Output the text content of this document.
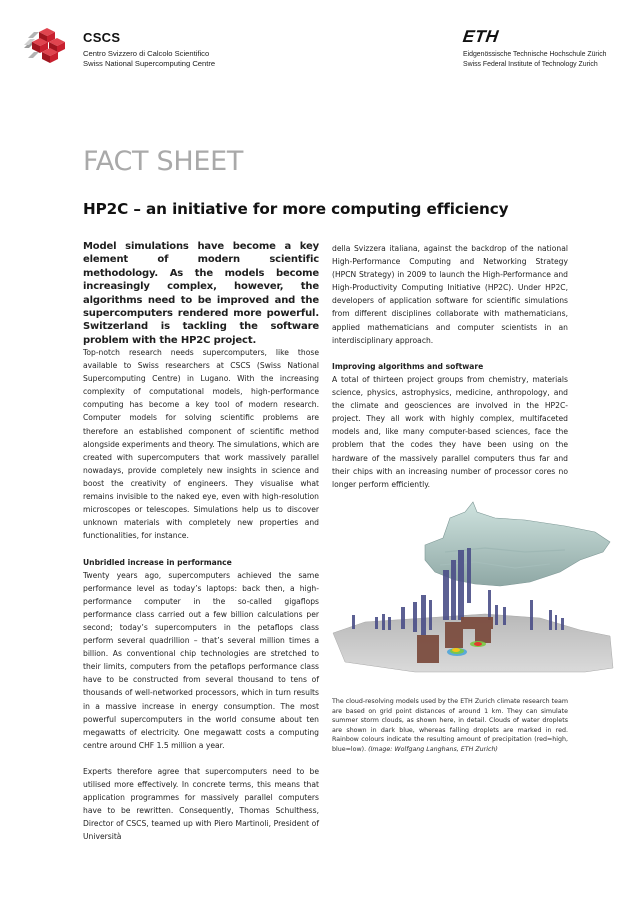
CSCS
Centro Svizzero di Calcolo Scientifico
Swiss National Supercomputing Centre
ETH
Eidgenössische Technische Hochschule Zürich
Swiss Federal Institute of Technology Zurich
FACT SHEET
HP2C – an initiative for more computing efficiency
Model simulations have become a key element of modern scientific methodology. As the models become increasingly complex, however, the algorithms need to be improved and the supercomputers rendered more powerful. Switzerland is tackling the software problem with the HP2C project.

Top-notch research needs supercomputers, like those available to Swiss researchers at CSCS (Swiss National Supercomputing Centre) in Lugano. With the increasing complexity of computational models, high-performance computing has become a key tool of modern research. Computer models for solving scientific problems are therefore an established component of scientific method alongside experiments and theory. The simulations, which are created with supercomputers that work massively parallel nowadays, provide completely new insights in science and boost the creativity of engineers. They visualise what remains invisible to the naked eye, even with high-resolution microscopes or telescopes. Simulations help us to discover unknown materials with completely new properties and functionalities, for instance.

Unbridled increase in performance

Twenty years ago, supercomputers achieved the same performance level as today’s laptops: back then, a high-performance computer in the so-called gigaflops performance class carried out a few billion calculations per second; today’s supercomputers in the petaflops class perform several quadrillion – that’s several million times a billion. As conventional chip technologies are stretched to their limits, computers from the petaflops performance class have to be constructed from several thousand to tens of thousands of well-networked processors, which in turn results in a massive increase in energy consumption. The most powerful supercomputers in the world consume about ten megawatts of electricity. One megawatt costs a computing centre around CHF 1.5 million a year.

Experts therefore agree that supercomputers need to be utilised more effectively. In concrete terms, this means that application programmes for massively parallel computers have to be rewritten. Consequently, Thomas Schulthess, Director of CSCS, teamed up with Piero Martinoli, President of Università

della Svizzera italiana, against the backdrop of the national High-Performance Computing and Networking Strategy (HPCN Strategy) in 2009 to launch the High-Performance and High-Productivity Computing Initiative (HP2C). Under HP2C, developers of application software for scientific simulations from different disciplines collaborate with mathematicians, applied mathematicians and computer scientists in an interdisciplinary approach.

Improving algorithms and software

A total of thirteen project groups from chemistry, materials science, physics, astrophysics, medicine, anthropology, and the climate and geosciences are involved in the HP2C-project. They all work with highly complex, multifaceted models and, like many computer-based sciences, face the problem that the codes they have been using on the hardware of the massively parallel computers thus far and their chips with an increasing number of processor cores no longer perform efficiently.

The cloud-resolving models used by the ETH Zurich climate research team are based on grid point distances of around 1 km. They can simulate summer storm clouds, as shown here, in detail. Clouds of water droplets are shown in dark blue, whereas falling droplets are marked in red. Rainbow colours indicate the resulting amount of precipitation (red=high, blue=low). (Image: Wolfgang Langhans, ETH Zurich)
